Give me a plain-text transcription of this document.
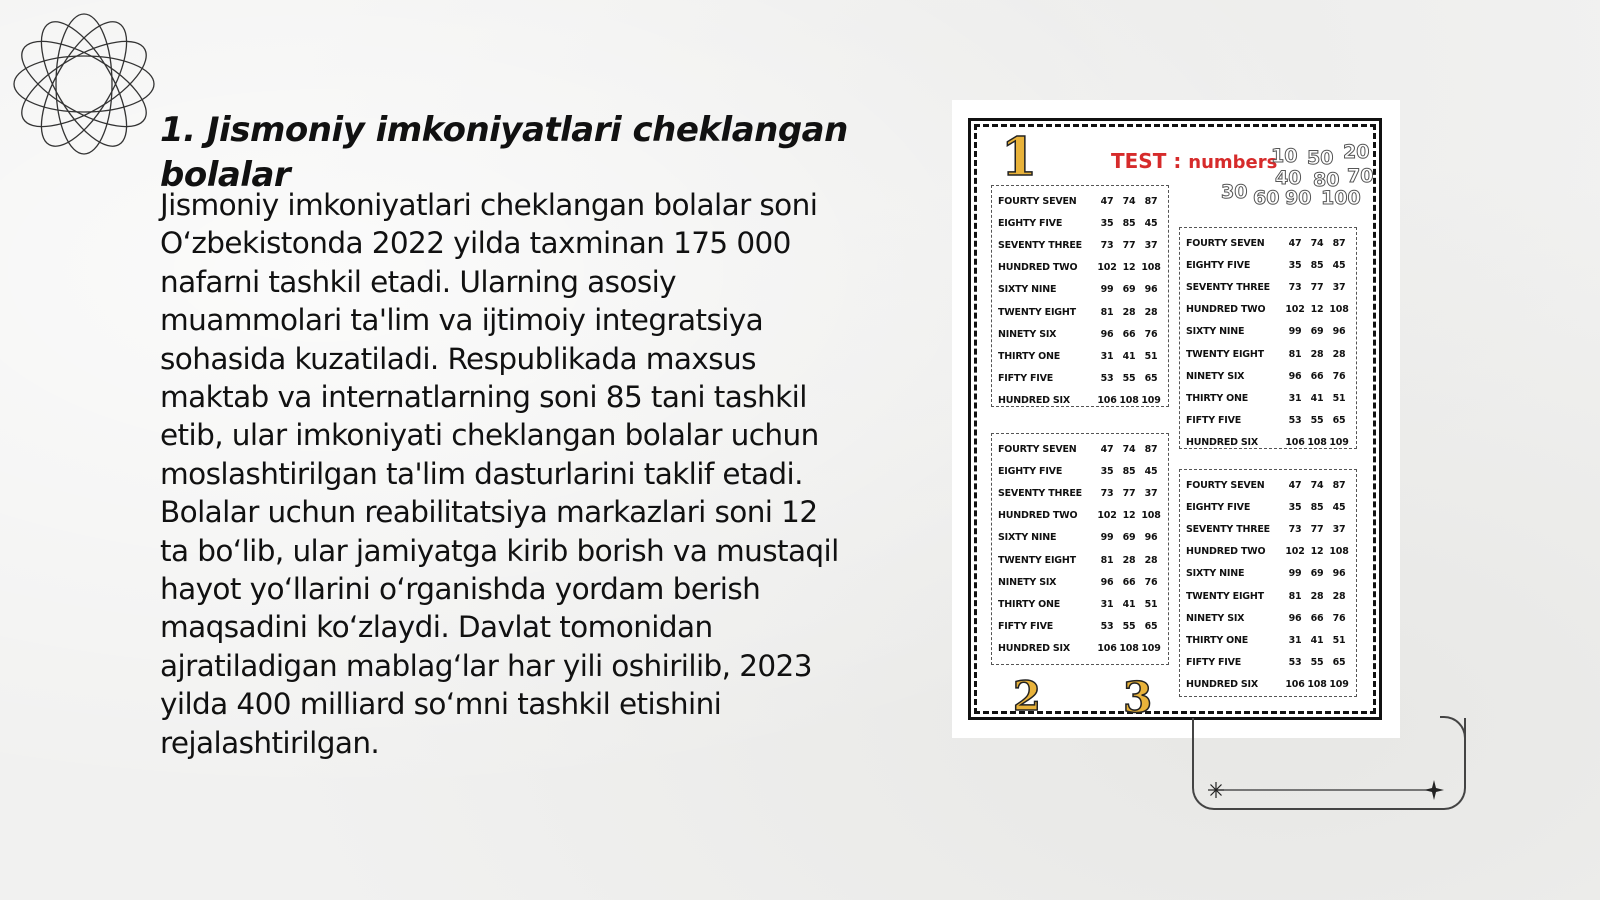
1. Jismoniy imkoniyatlari cheklangan bolalar

Jismoniy imkoniyatlari cheklangan bolalar soni O‘zbekistonda 2022 yilda taxminan 175 000 nafarni tashkil etadi. Ularning asosiy muammolari ta'lim va ijtimoiy integratsiya sohasida kuzatiladi. Respublikada maxsus maktab va internatlarning soni 85 tani tashkil etib, ular imkoniyati cheklangan bolalar uchun moslashtirilgan ta'lim dasturlarini taklif etadi. Bolalar uchun reabilitatsiya markazlari soni 12 ta bo‘lib, ular jamiyatga kirib borish va mustaqil hayot yo‘llarini o‘rganishda yordam berish maqsadini ko‘zlaydi. Davlat tomonidan ajratiladigan mablag‘lar har yili oshirilib, 2023 yilda 400 milliard so‘mni tashkil etishini rejalashtirilgan.

1
2 3
TEST : numbers
10 50 20
40 80 70
30 60 90 100
FOURTY SEVEN	47 74 87
EIGHTY FIVE	35 85 45
SEVENTY THREE	73 77 37
HUNDRED TWO	102 12 108
SIXTY NINE	99 69 96
TWENTY EIGHT	81 28 28
NINETY SIX	96 66 76
THIRTY ONE	31 41 51
FIFTY FIVE	53 55 65
HUNDRED SIX	106 108 109
FOURTY SEVEN	47 74 87
EIGHTY FIVE	35 85 45
SEVENTY THREE	73 77 37
HUNDRED TWO	102 12 108
SIXTY NINE	99 69 96
TWENTY EIGHT	81 28 28
NINETY SIX	96 66 76
THIRTY ONE	31 41 51
FIFTY FIVE	53 55 65
HUNDRED SIX	106 108 109
FOURTY SEVEN	47 74 87
EIGHTY FIVE	35 85 45
SEVENTY THREE	73 77 37
HUNDRED TWO	102 12 108
SIXTY NINE	99 69 96
TWENTY EIGHT	81 28 28
NINETY SIX	96 66 76
THIRTY ONE	31 41 51
FIFTY FIVE	53 55 65
HUNDRED SIX	106 108 109
FOURTY SEVEN	47 74 87
EIGHTY FIVE	35 85 45
SEVENTY THREE	73 77 37
HUNDRED TWO	102 12 108
SIXTY NINE	99 69 96
TWENTY EIGHT	81 28 28
NINETY SIX	96 66 76
THIRTY ONE	31 41 51
FIFTY FIVE	53 55 65
HUNDRED SIX	106 108 109
